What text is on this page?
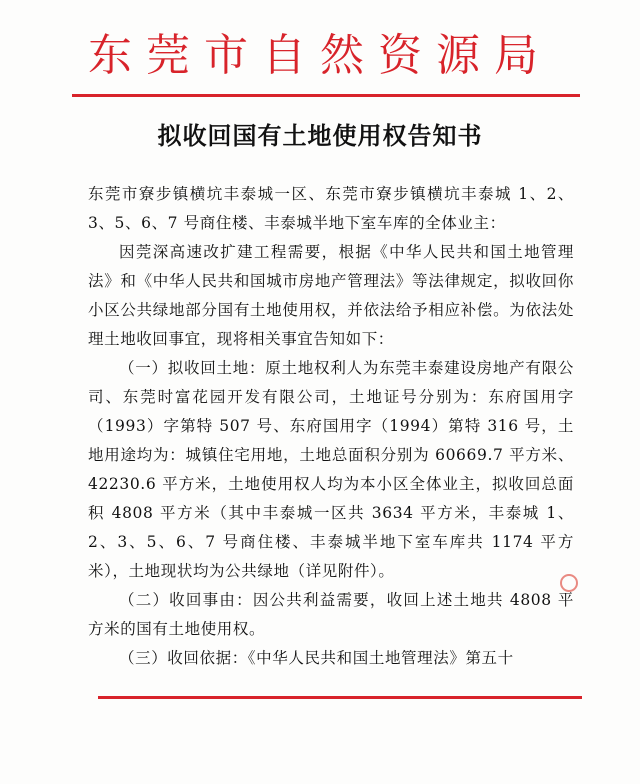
东莞市自然资源局
拟收回国有土地使用权告知书

东莞市寮步镇横坑丰泰城一区、东莞市寮步镇横坑丰泰城 1、2、3、5、6、7 号商住楼、丰泰城半地下室车库的全体业主：

因莞深高速改扩建工程需要，根据《中华人民共和国土地管理法》和《中华人民共和国城市房地产管理法》等法律规定，拟收回你小区公共绿地部分国有土地使用权，并依法给予相应补偿。为依法处理土地收回事宜，现将相关事宜告知如下：

（一）拟收回土地：原土地权利人为东莞丰泰建设房地产有限公司、东莞时富花园开发有限公司，土地证号分别为：东府国用字（1993）字第特 507 号、东府国用字（1994）第特 316 号，土地用途均为：城镇住宅用地，土地总面积分别为 60669.7 平方米、42230.6 平方米，土地使用权人均为本小区全体业主，拟收回总面积 4808 平方米（其中丰泰城一区共 3634 平方米，丰泰城 1、2、3、5、6、7 号商住楼、丰泰城半地下室车库共 1174 平方米），土地现状均为公共绿地（详见附件）。

（二）收回事由：因公共利益需要，收回上述土地共 4808 平方米的国有土地使用权。

（三）收回依据：《中华人民共和国土地管理法》第五十
